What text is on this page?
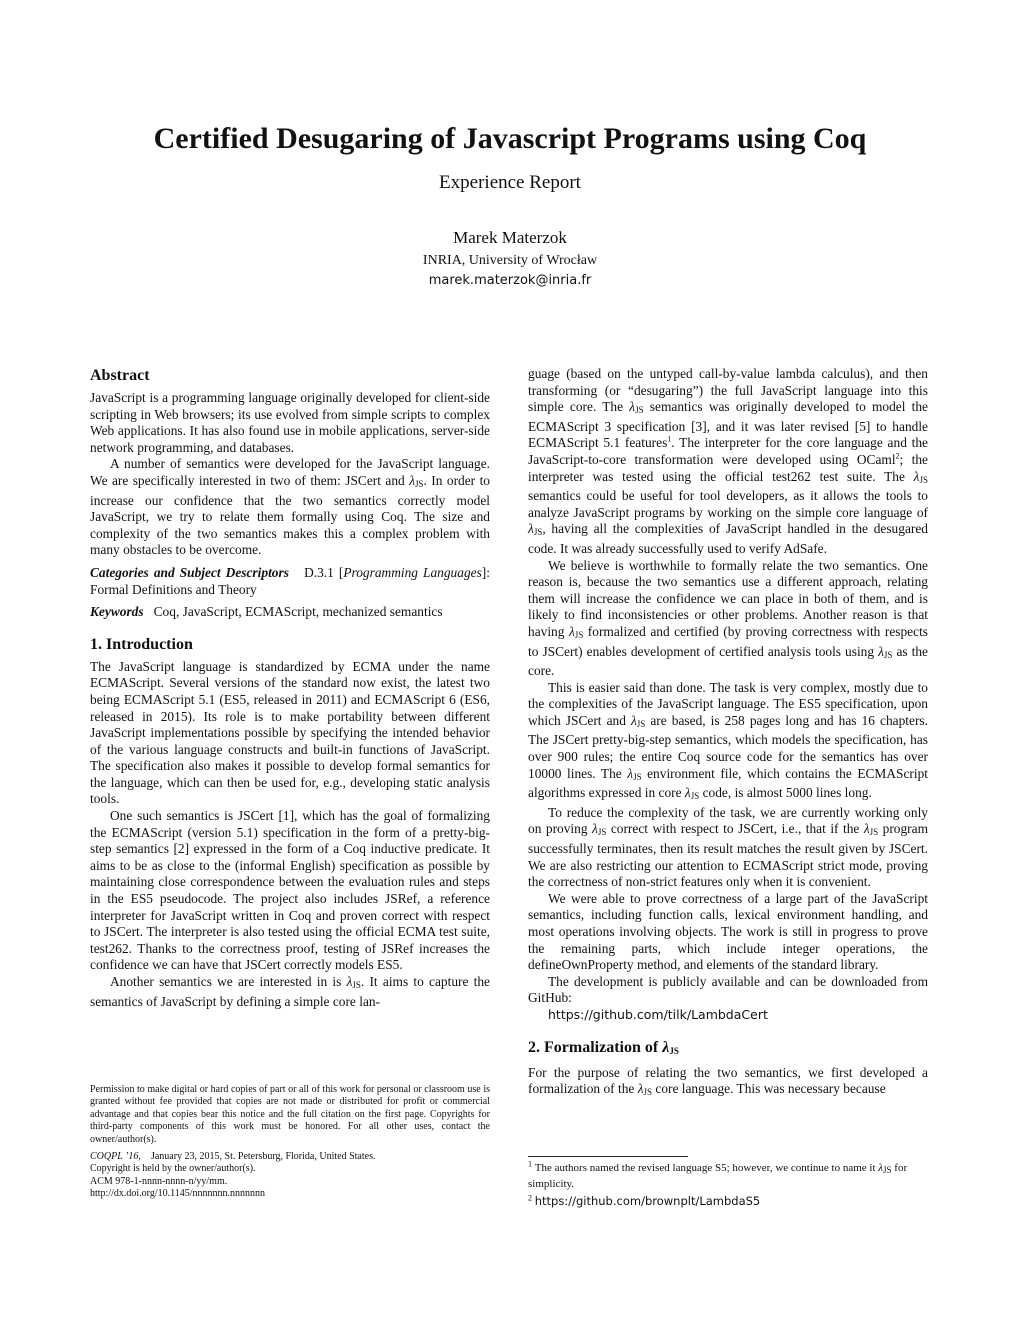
Certified Desugaring of Javascript Programs using Coq
Experience Report
Marek Materzok
INRIA, University of Wrocław
marek.materzok@inria.fr
Abstract

JavaScript is a programming language originally developed for client-side scripting in Web browsers; its use evolved from simple scripts to complex Web applications. It has also found use in mobile applications, server-side network programming, and databases.

A number of semantics were developed for the JavaScript language. We are specifically interested in two of them: JSCert and $\lambda_{JS}$. In order to increase our confidence that the two semantics correctly model JavaScript, we try to relate them formally using Coq. The size and complexity of the two semantics makes this a complex problem with many obstacles to be overcome.

Categories and Subject Descriptors D.3.1 [Programming Languages]: Formal Definitions and Theory

Keywords Coq, JavaScript, ECMAScript, mechanized semantics

1. Introduction

The JavaScript language is standardized by ECMA under the name ECMAScript. Several versions of the standard now exist, the latest two being ECMAScript 5.1 (ES5, released in 2011) and ECMAScript 6 (ES6, released in 2015). Its role is to make portability between different JavaScript implementations possible by specifying the intended behavior of the various language constructs and built-in functions of JavaScript. The specification also makes it possible to develop formal semantics for the language, which can then be used for, e.g., developing static analysis tools.

One such semantics is JSCert [1], which has the goal of formalizing the ECMAScript (version 5.1) specification in the form of a pretty-big-step semantics [2] expressed in the form of a Coq inductive predicate. It aims to be as close to the (informal English) specification as possible by maintaining close correspondence between the evaluation rules and steps in the ES5 pseudocode. The project also includes JSRef, a reference interpreter for JavaScript written in Coq and proven correct with respect to JSCert. The interpreter is also tested using the official ECMA test suite, test262. Thanks to the correctness proof, testing of JSRef increases the confidence we can have that JSCert correctly models ES5.

Another semantics we are interested in is $\lambda_{JS}$. It aims to capture the semantics of JavaScript by defining a simple core lan-

guage (based on the untyped call-by-value lambda calculus), and then transforming (or “desugaring”) the full JavaScript language into this simple core. The $\lambda_{JS}$ semantics was originally developed to model the ECMAScript 3 specification [3], and it was later revised [5] to handle ECMAScript 5.1 features$^1$. The interpreter for the core language and the JavaScript-to-core transformation were developed using OCaml$^2$; the interpreter was tested using the official test262 test suite. The $\lambda_{JS}$ semantics could be useful for tool developers, as it allows the tools to analyze JavaScript programs by working on the simple core language of $\lambda_{JS}$, having all the complexities of JavaScript handled in the desugared code. It was already successfully used to verify AdSafe.

We believe is worthwhile to formally relate the two semantics. One reason is, because the two semantics use a different approach, relating them will increase the confidence we can place in both of them, and is likely to find inconsistencies or other problems. Another reason is that having $\lambda_{JS}$ formalized and certified (by proving correctness with respects to JSCert) enables development of certified analysis tools using $\lambda_{JS}$ as the core.

This is easier said than done. The task is very complex, mostly due to the complexities of the JavaScript language. The ES5 specification, upon which JSCert and $\lambda_{JS}$ are based, is 258 pages long and has 16 chapters. The JSCert pretty-big-step semantics, which models the specification, has over 900 rules; the entire Coq source code for the semantics has over 10000 lines. The $\lambda_{JS}$ environment file, which contains the ECMAScript algorithms expressed in core $\lambda_{JS}$ code, is almost 5000 lines long.

To reduce the complexity of the task, we are currently working only on proving $\lambda_{JS}$ correct with respect to JSCert, i.e., that if the $\lambda_{JS}$ program successfully terminates, then its result matches the result given by JSCert. We are also restricting our attention to ECMAScript strict mode, proving the correctness of non-strict features only when it is convenient.

We were able to prove correctness of a large part of the JavaScript semantics, including function calls, lexical environment handling, and most operations involving objects. The work is still in progress to prove the remaining parts, which include integer operations, the defineOwnProperty method, and elements of the standard library.

The development is publicly available and can be downloaded from GitHub:

https://github.com/tilk/LambdaCert

2. Formalization of $\lambda_{JS}$

For the purpose of relating the two semantics, we first developed a formalization of the $\lambda_{JS}$ core language. This was necessary because

Permission to make digital or hard copies of part or all of this work for personal or classroom use is granted without fee provided that copies are not made or distributed for profit or commercial advantage and that copies bear this notice and the full citation on the first page. Copyrights for third-party components of this work must be honored. For all other uses, contact the owner/author(s).

COQPL ’16, January 23, 2015, St. Petersburg, Florida, United States.

Copyright is held by the owner/author(s).

ACM 978-1-nnnn-nnnn-n/yy/mm.

http://dx.doi.org/10.1145/nnnnnnn.nnnnnnn

$^1$ The authors named the revised language S5; however, we continue to name it $\lambda_{JS}$ for simplicity.

$^2$ https://github.com/brownplt/LambdaS5
